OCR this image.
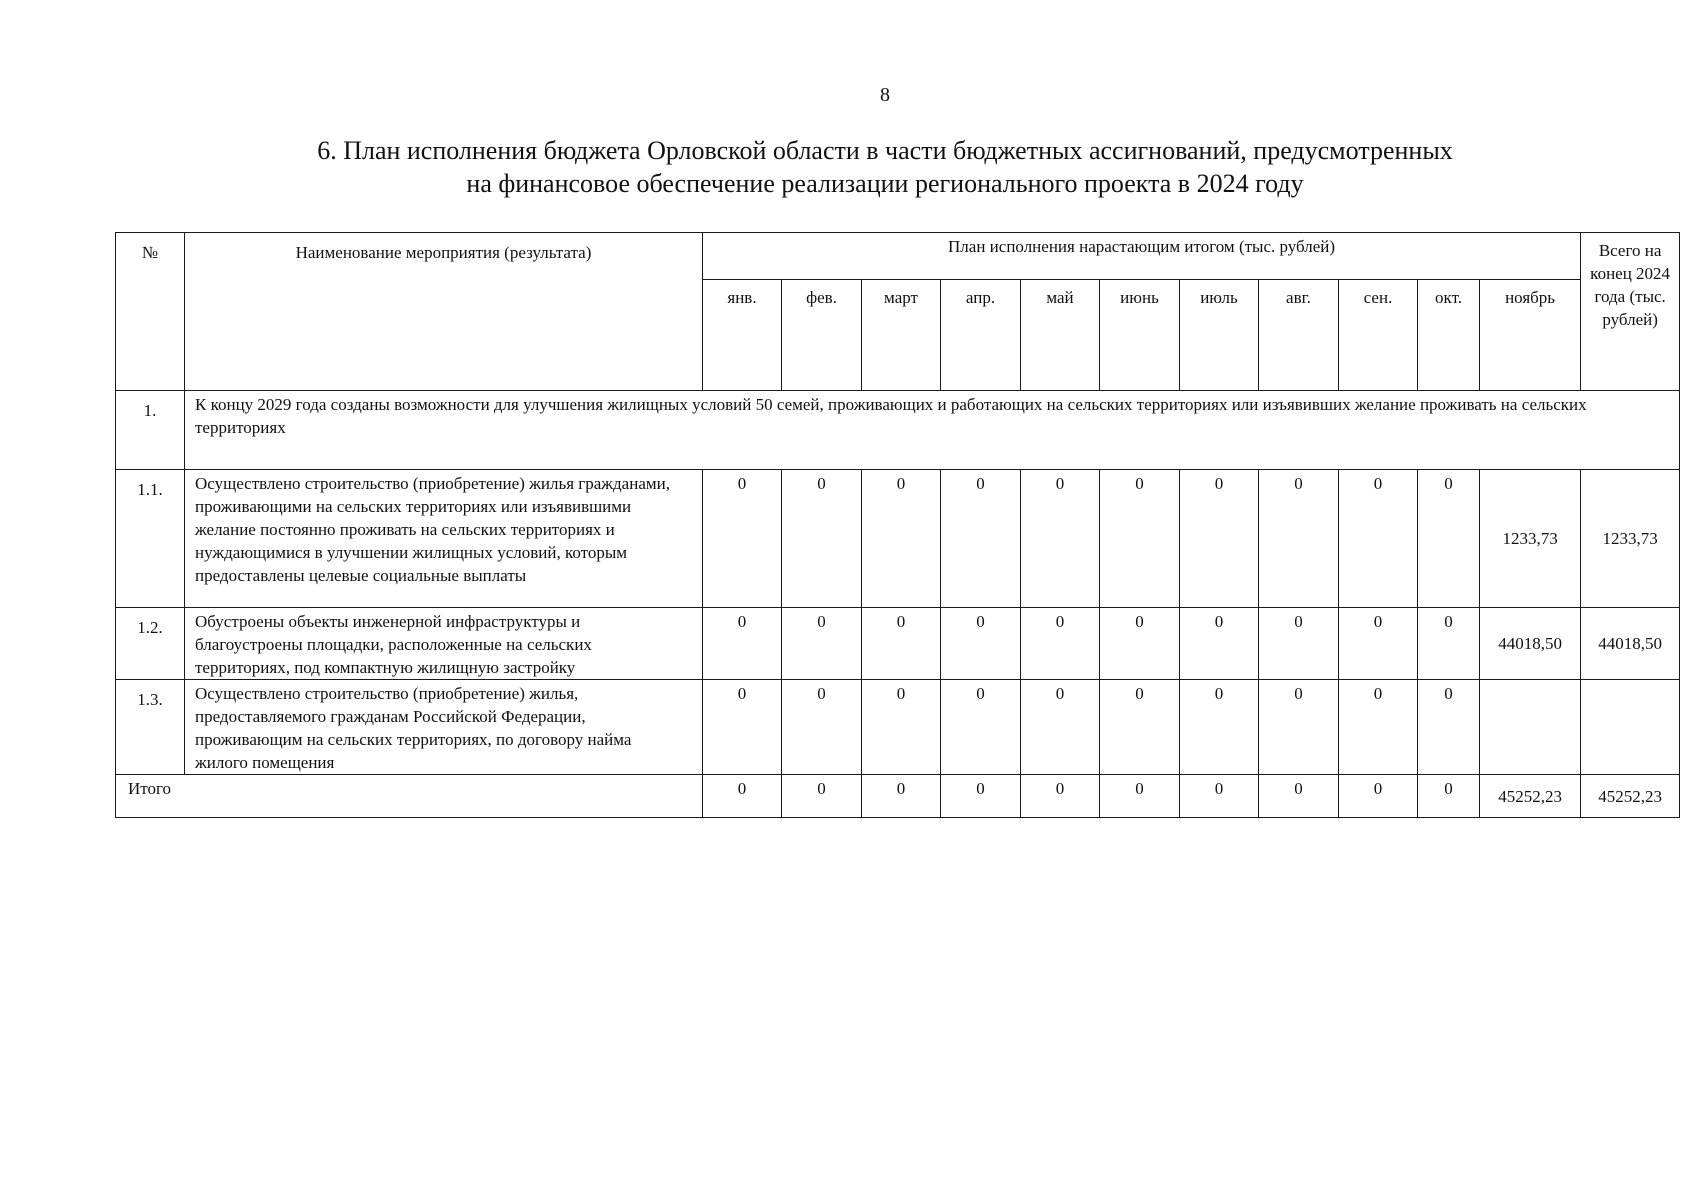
8
6. План исполнения бюджета Орловской области в части бюджетных ассигнований, предусмотренных
на финансовое обеспечение реализации регионального проекта в 2024 году
№	Наименование мероприятия (результата)	План исполнения нарастающим итогом (тыс. рублей)											Всего на конец 2024 года (тыс. рублей)
		янв.	фев.	март	апр.	май	июнь	июль	авг.	сен.	окт.	ноябрь	
1.	К концу 2029 года созданы возможности для улучшения жилищных условий 50 семей, проживающих и работающих на сельских территориях или изъявивших желание проживать на сельских территориях												
1.1.	Осуществлено строительство (приобретение) жилья гражданами, проживающими на сельских территориях или изъявившими желание постоянно проживать на сельских территориях и нуждающимися в улучшении жилищных условий, которым предоставлены целевые социальные выплаты	0	0	0	0	0	0	0	0	0	0	1233,73	1233,73
1.2.	Обустроены объекты инженерной инфраструктуры и благоустроены площадки, расположенные на сельских территориях, под компактную жилищную застройку	0	0	0	0	0	0	0	0	0	0	44018,50	44018,50
1.3.	Осуществлено строительство (приобретение) жилья, предоставляемого гражданам Российской Федерации, проживающим на сельских территориях, по договору найма жилого помещения	0	0	0	0	0	0	0	0	0	0		
Итого		0	0	0	0	0	0	0	0	0	0	45252,23	45252,23
